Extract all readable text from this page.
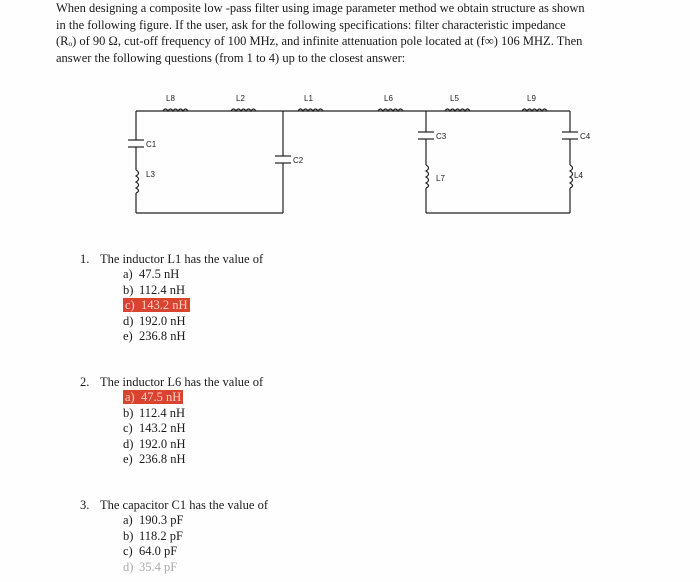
When designing a composite low -pass filter using image parameter method we obtain structure as shown

in the following figure. If the user, ask for the following specifications: filter characteristic impedance

(Rₒ) of 90 Ω, cut-off frequency of 100 MHz, and infinite attenuation pole located at (f∞) 106 MHZ. Then

answer the following questions (from 1 to 4) up to the closest answer:

L8	L2	L1	L6	L5	L9
C1
C2
C3	C4
L3	L7	L4
1. The inductor L1 has the value of
a) 47.5 nH
b) 112.4 nH
c) 143.2 nH
d) 192.0 nH
e) 236.8 nH
2. The inductor L6 has the value of
a) 47.5 nH
b) 112.4 nH
c) 143.2 nH
d) 192.0 nH
e) 236.8 nH
3. The capacitor C1 has the value of
a) 190.3 pF
b) 118.2 pF
c) 64.0 pF
d) 35.4 pF
